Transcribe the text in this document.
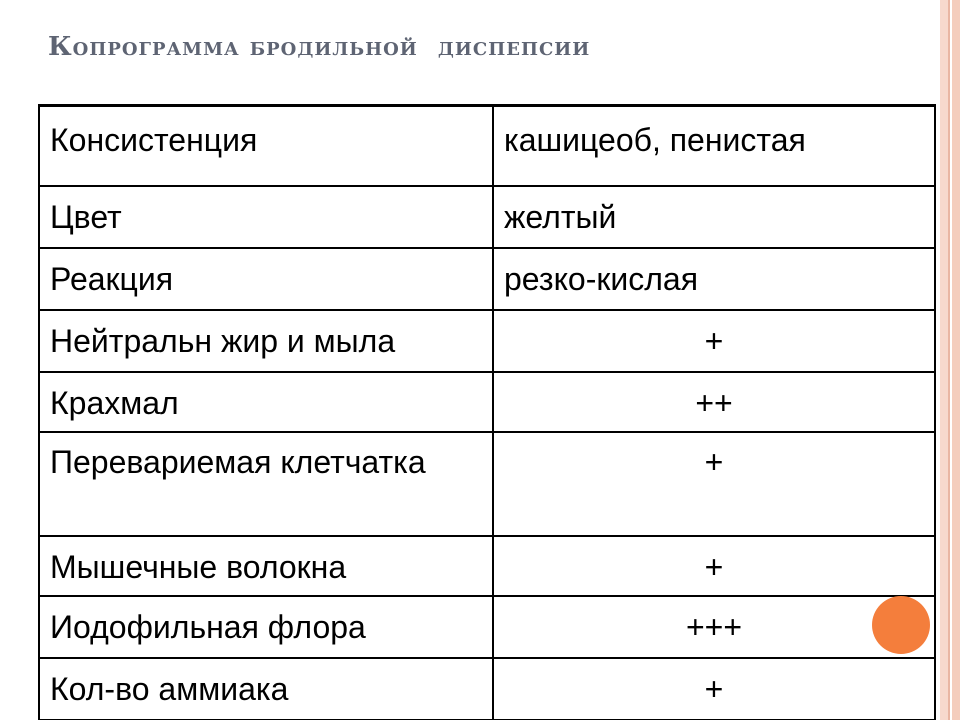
Копрограмма бродильной  диспепсии
Консистенция	кашицеоб, пенистая
Цвет	желтый
Реакция	резко-кислая
Нейтральн жир и мыла	+
Крахмал	++
Перевариемая клетчатка	+
Мышечные волокна	+
Иодофильная флора	+++
Кол-во аммиака	+
